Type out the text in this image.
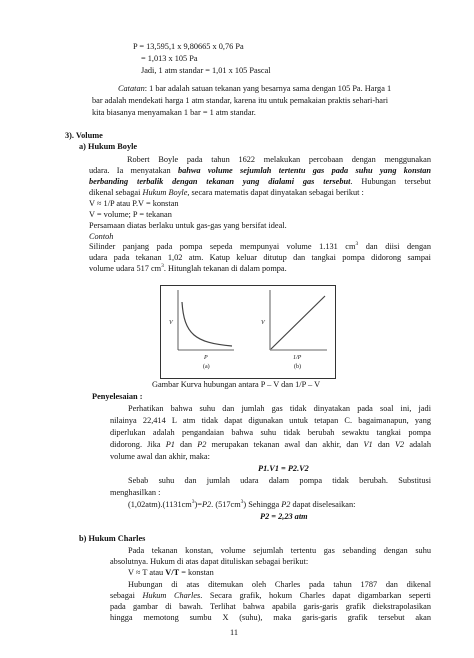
P = 13,595,1 x 9,80665 x 0,76 Pa
= 1,013 x 105 Pa
Jadi, 1 atm standar = 1,01 x 105 Pascal
Catatan: 1 bar adalah satuan tekanan yang besarnya sama dengan 105 Pa. Harga 1
bar adalah mendekati harga 1 atm standar, karena itu untuk pemakaian praktis sehari-hari
kita biasanya menyamakan 1 bar = 1 atm standar.
3). Volume
a) Hukum Boyle
Robert Boyle pada tahun 1622 melakukan percobaan dengan menggunakan
udara. Ia menyatakan bahwa volume sejumlah tertentu gas pada suhu yang konstan
berbanding terbalik dengan tekanan yang dialami gas tersebut. Hubungan tersebut
dikenal sebagai Hukum Boyle, secara matematis dapat dinyatakan sebagai berikut :
V ≈ 1/P atau P.V = konstan
V = volume; P = tekanan
Persamaan diatas berlaku untuk gas-gas yang bersifat ideal.
Contoh
Silinder panjang pada pompa sepeda mempunyai volume 1.131 $cm^3$ dan diisi dengan
udara pada tekanan 1,02 atm. Katup keluar ditutup dan tangkai pompa didorong sampai
volume udara 517 $cm^3$. Hitunglah tekanan di dalam pompa.
V
P
(a)
V
1/P
(b)
Gambar Kurva hubungan antara P – V dan 1/P – V
Penyelesaian :
Perhatikan bahwa suhu dan jumlah gas tidak dinyatakan pada soal ini, jadi
nilainya 22,414 L atm tidak dapat digunakan untuk tetapan C. bagaimanapun, yang
diperlukan adalah pengandaian bahwa suhu tidak berubah sewaktu tangkai pompa
didorong. Jika P1 dan P2 merupakan tekanan awal dan akhir, dan V1 dan V2 adalah
volume awal dan akhir, maka:
P1.V1 = P2.V2
Sebab suhu dan jumlah udara dalam pompa tidak berubah. Substitusi
menghasilkan :
$(1,02atm).(1131cm^3)=P2$. $(517cm^3)$ Sehingga P2 dapat diselesaikan:
P2 = 2,23 atm
b) Hukum Charles
Pada tekanan konstan, volume sejumlah tertentu gas sebanding dengan suhu
absolutnya. Hukum di atas dapat dituliskan sebagai berikut:
V ≈ T atau V/T = konstan
Hubungan di atas ditemukan oleh Charles pada tahun 1787 dan dikenal
sebagai Hukum Charles. Secara grafik, hokum Charles dapat digambarkan seperti
pada gambar di bawah. Terlihat bahwa apabila garis-garis grafik diekstrapolasikan
hingga memotong sumbu X (suhu), maka garis-garis grafik tersebut akan
11
